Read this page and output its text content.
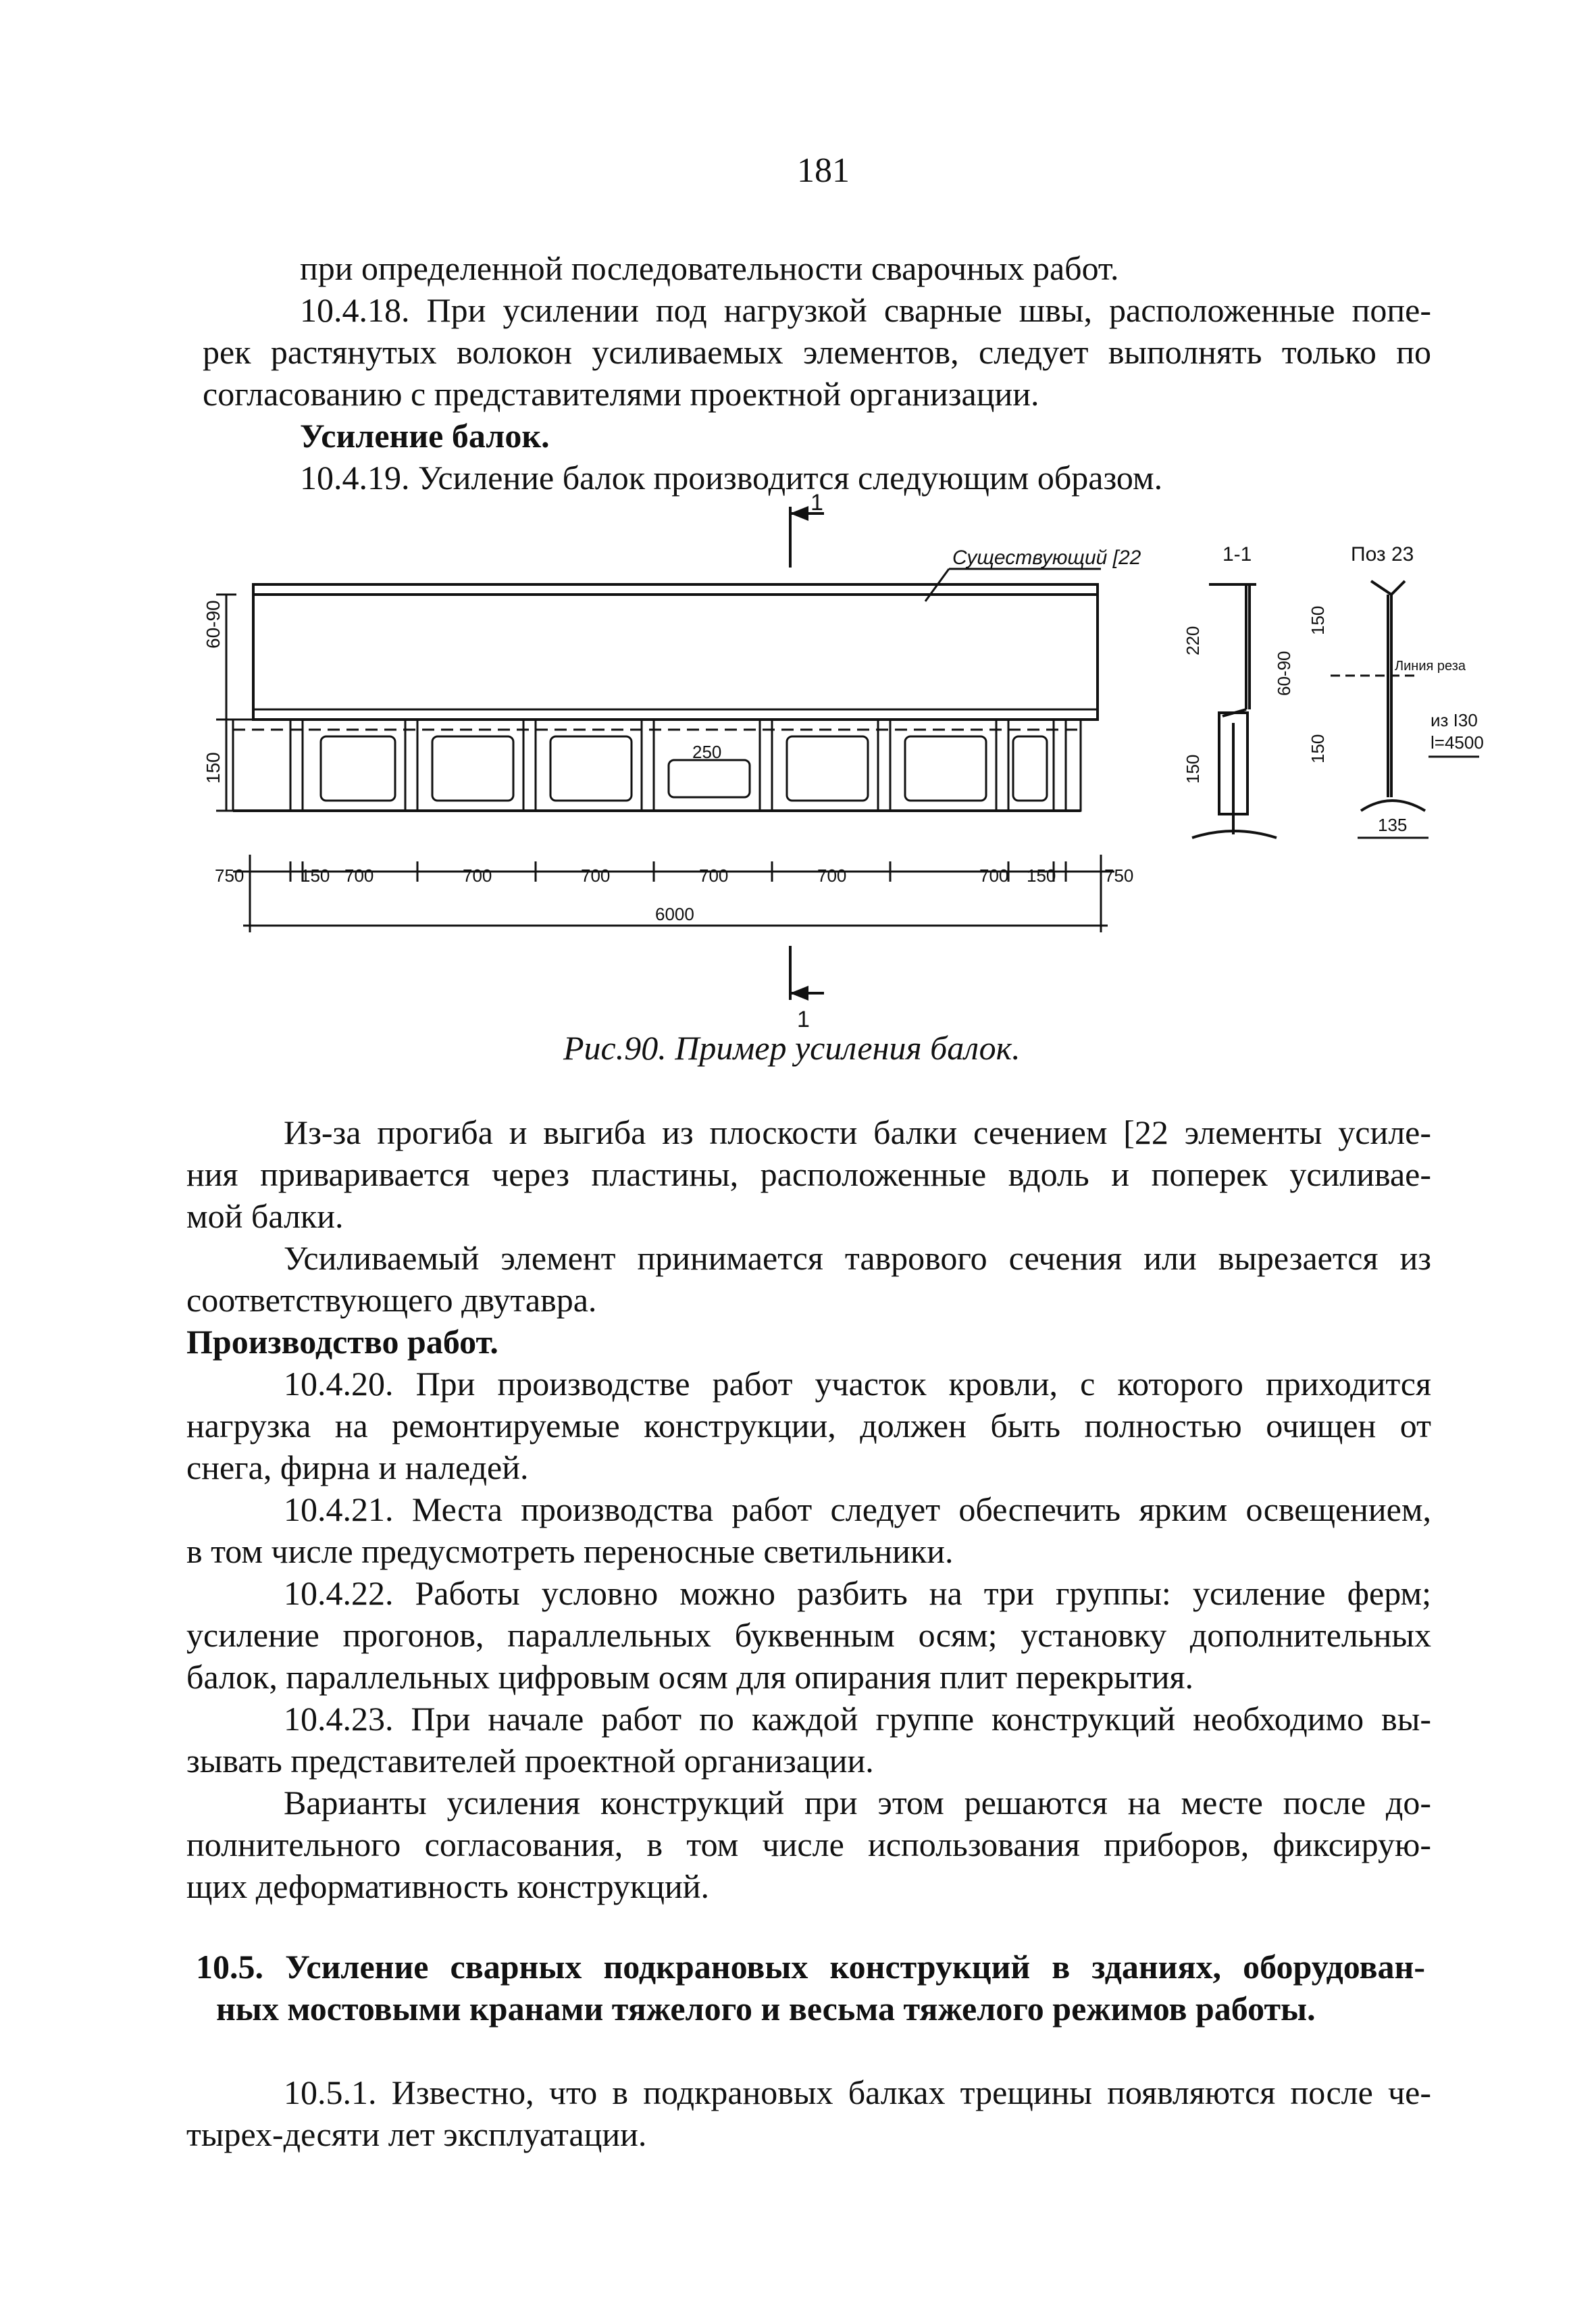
181
при определенной последовательности сварочных работ.
10.4.18. При усилении под нагрузкой сварные швы, расположенные попе-
рек растянутых волокон усиливаемых элементов, следует выполнять только по
согласованию с представителями проектной организации.
Усиление балок.
10.4.19. Усиление балок производится следующим образом.
1
Существующий [22
250
60-90
150
750	150 700	700	700	700	700	700 150	750
6000
1
1-1
220
60-90
150
Поз 23
150
150
Линия реза
из I30
l=4500
135
Рис.90. Пример усиления балок.
Из-за прогиба и выгиба из плоскости балки сечением [22 элементы усиле-
ния приваривается через пластины, расположенные вдоль и поперек усиливае-
мой балки.
Усиливаемый элемент принимается таврового сечения или вырезается из
соответствующего двутавра.
Производство работ.
10.4.20. При производстве работ участок кровли, с которого приходится
нагрузка на ремонтируемые конструкции, должен быть полностью очищен от
снега, фирна и наледей.
10.4.21. Места производства работ следует обеспечить ярким освещением,
в том числе предусмотреть переносные светильники.
10.4.22. Работы условно можно разбить на три группы: усиление ферм;
усиление прогонов, параллельных буквенным осям; установку дополнительных
балок, параллельных цифровым осям для опирания плит перекрытия.
10.4.23. При начале работ по каждой группе конструкций необходимо вы-
зывать представителей проектной организации.
Варианты усиления конструкций при этом решаются на месте после до-
полнительного согласования, в том числе использования приборов, фиксирую-
щих деформативность конструкций.
10.5. Усиление сварных подкрановых конструкций в зданиях, оборудован-
ных мостовыми кранами тяжелого и весьма тяжелого режимов работы.
10.5.1. Известно, что в подкрановых балках трещины появляются после че-
тырех-десяти лет эксплуатации.
